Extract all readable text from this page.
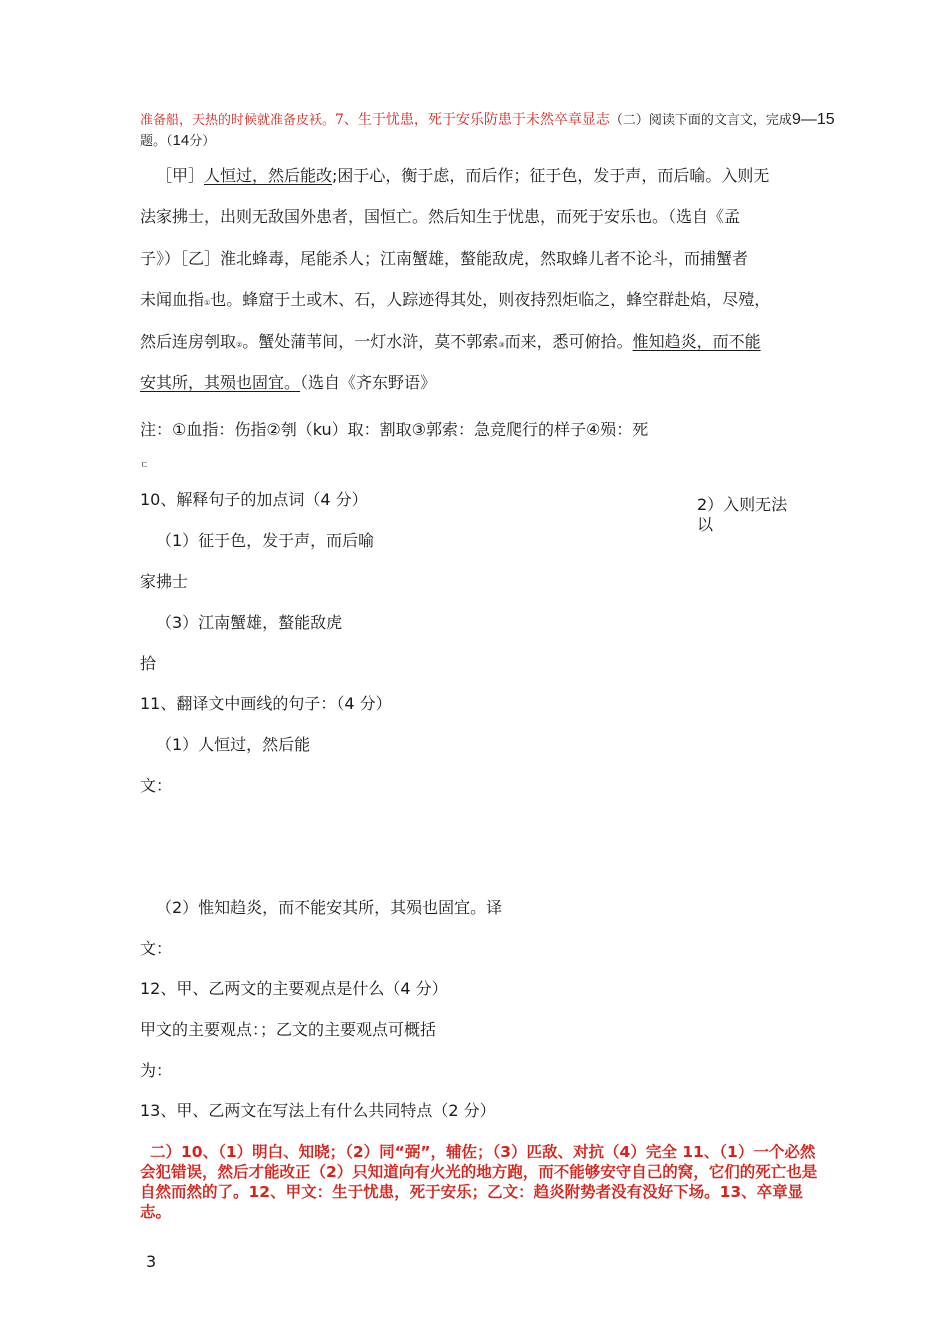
准备船，天热的时候就准备皮袄。7、生于忧患，死于安乐防患于未然卒章显志（二）阅读下面的文言文，完成9—15
题。（14分）
［甲］人恒过，然后能改;困于心，衡于虑，而后作；征于色，发于声，而后喻。入则无
法家拂士，出则无敌国外患者，国恒亡。然后知生于忧患，而死于安乐也。（选自《孟
子》）［乙］淮北蜂毒，尾能杀人；江南蟹雄，螯能敌虎，然取蜂儿者不论斗，而捕蟹者
未闻血指①也。蜂窟于土或木、石，人踪迹得其处，则夜持烈炬临之，蜂空群赴焰，尽殪，
然后连房刳取②。蟹处蒲苇间，一灯水浒，莫不郭索③而来，悉可俯拾。惟知趋炎，而不能
安其所，其殒也固宜。（选自《齐东野语》
注：①血指：伤指②刳（ku）取：割取③郭索：急竞爬行的样子④殒：死
ㄷ
10、解释句子的加点词（4 分）
（1）征于色，发于声，而后喻
2）入则无法
以
家拂士
（3）江南蟹雄，螯能敌虎
拾
11、翻译文中画线的句子：（4 分）
（1）人恒过，然后能
文：
（2）惟知趋炎，而不能安其所，其殒也固宜。译
文：
12、甲、乙两文的主要观点是什么（4 分）
甲文的主要观点：；乙文的主要观点可概括
为：
13、甲、乙两文在写法上有什么共同特点（2 分）
二）10、（1）明白、知晓；（2）同“弼”，辅佐；（3）匹敌、对抗（4）完全 11、（1）一个必然会犯错误，然后才能改正（2）只知道向有火光的地方跑，而不能够安守自己的窝，它们的死亡也是自然而然的了。12、甲文：生于忧患，死于安乐；乙文：趋炎附势者没有没好下场。13、卒章显志。
3
